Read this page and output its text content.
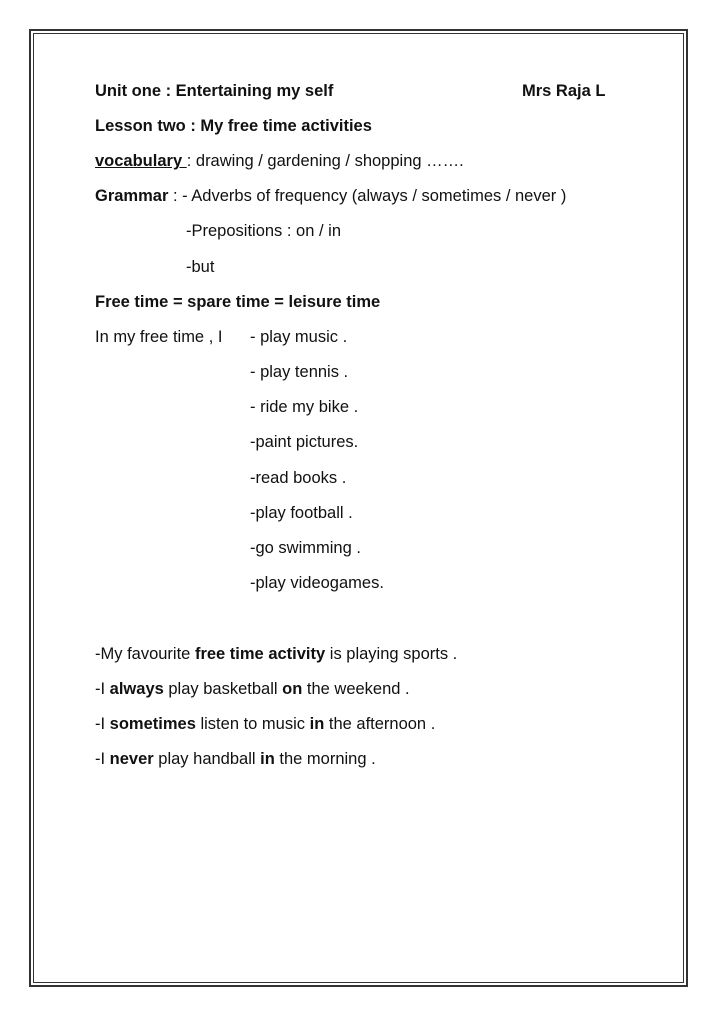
Unit one : Entertaining my self	Mrs Raja L
Lesson two : My free time activities
vocabulary : drawing / gardening / shopping …….
Grammar : - Adverbs of frequency (always / sometimes / never )
-Prepositions : on / in
-but
Free time = spare time = leisure time
In my free time , I - play music .
- play tennis .
- ride my bike .
-paint pictures.
-read books .
-play football .
-go swimming .
-play videogames.
-My favourite free time activity is playing sports .
-I always play basketball on the weekend .
-I sometimes listen to music in the afternoon .
-I never play handball in the morning .
